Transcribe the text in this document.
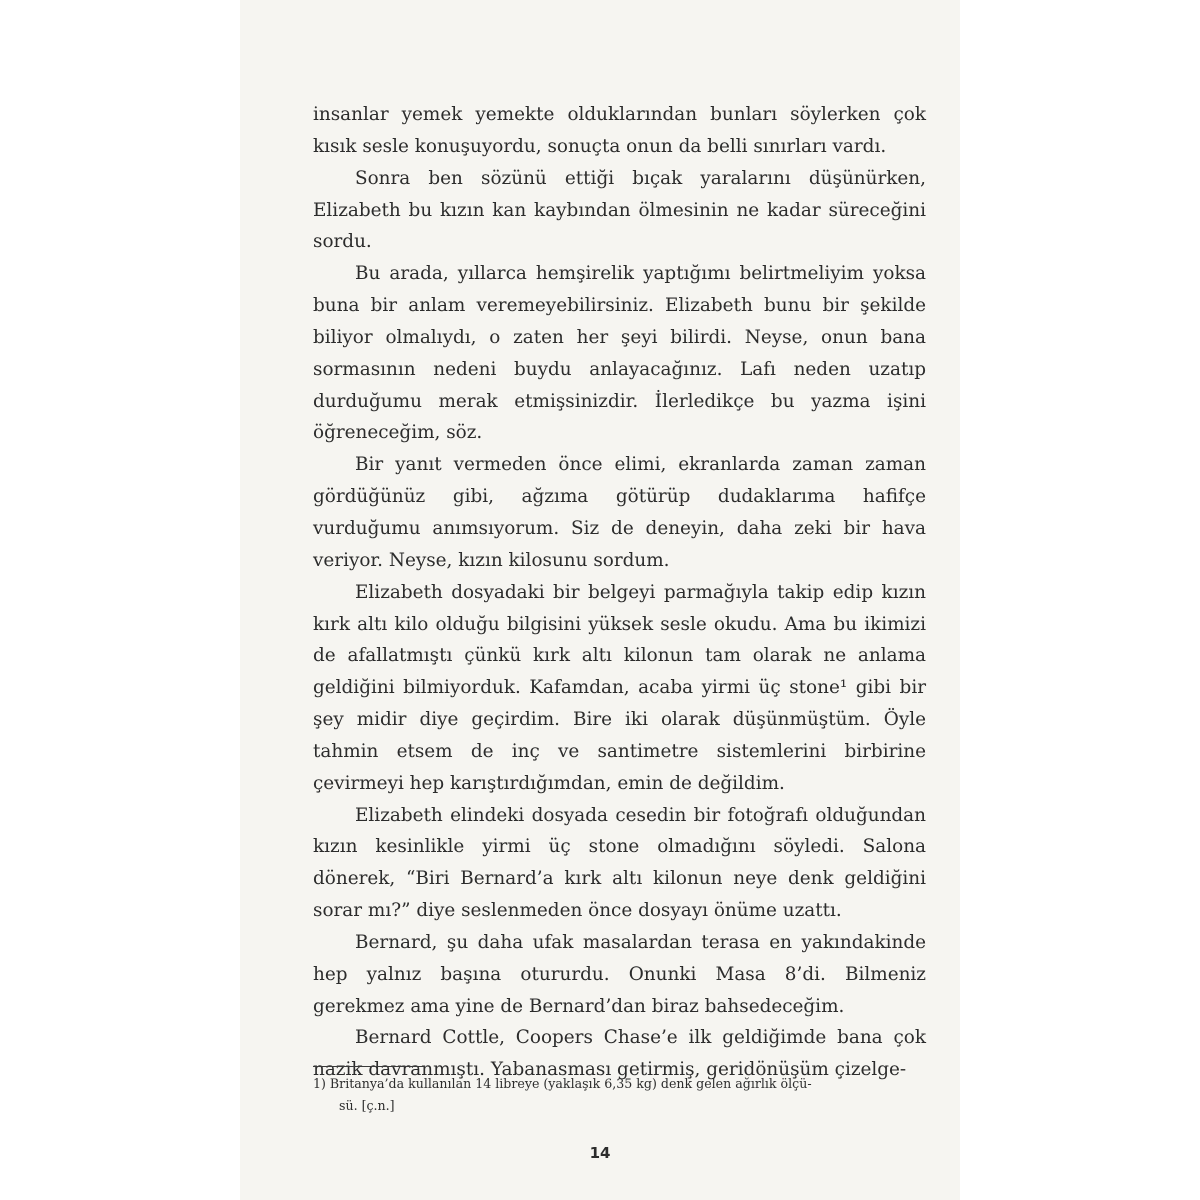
insanlar yemek yemekte olduklarından bunları söylerken çok kısık sesle konuşuyordu, sonuçta onun da belli sınırları vardı.

Sonra ben sözünü ettiği bıçak yaralarını düşünürken, Elizabeth bu kızın kan kaybından ölmesinin ne kadar süreceğini sordu.

Bu arada, yıllarca hemşirelik yaptığımı belirtmeliyim yoksa buna bir anlam veremeyebilirsiniz. Elizabeth bunu bir şekilde biliyor olmalıydı, o zaten her şeyi bilirdi. Neyse, onun bana sormasının nedeni buydu anlayacağınız. Lafı neden uzatıp durduğumu merak etmişsinizdir. İlerledikçe bu yazma işini öğreneceğim, söz.

Bir yanıt vermeden önce elimi, ekranlarda zaman zaman gördüğünüz gibi, ağzıma götürüp dudaklarıma hafifçe vurduğumu anımsıyorum. Siz de deneyin, daha zeki bir hava veriyor. Neyse, kızın kilosunu sordum.

Elizabeth dosyadaki bir belgeyi parmağıyla takip edip kızın kırk altı kilo olduğu bilgisini yüksek sesle okudu. Ama bu ikimizi de afallatmıştı çünkü kırk altı kilonun tam olarak ne anlama geldiğini bilmiyorduk. Kafamdan, acaba yirmi üç stone¹ gibi bir şey midir diye geçirdim. Bire iki olarak düşünmüştüm. Öyle tahmin etsem de inç ve santimetre sistemlerini birbirine çevirmeyi hep karıştırdığımdan, emin de değildim.

Elizabeth elindeki dosyada cesedin bir fotoğrafı olduğundan kızın kesinlikle yirmi üç stone olmadığını söyledi. Salona dönerek, “Biri Bernard’a kırk altı kilonun neye denk geldiğini sorar mı?” diye seslenmeden önce dosyayı önüme uzattı.

Bernard, şu daha ufak masalardan terasa en yakındakinde hep yalnız başına otururdu. Onunki Masa 8’di. Bilmeniz gerekmez ama yine de Bernard’dan biraz bahsedeceğim.

Bernard Cottle, Coopers Chase’e ilk geldiğimde bana çok nazik davranmıştı. Yabanasması getirmiş, geridönüşüm çizelge-

1) Britanya’da kullanılan 14 libreye (yaklaşık 6,35 kg) denk gelen ağırlık ölçü-
sü. [ç.n.]
14
